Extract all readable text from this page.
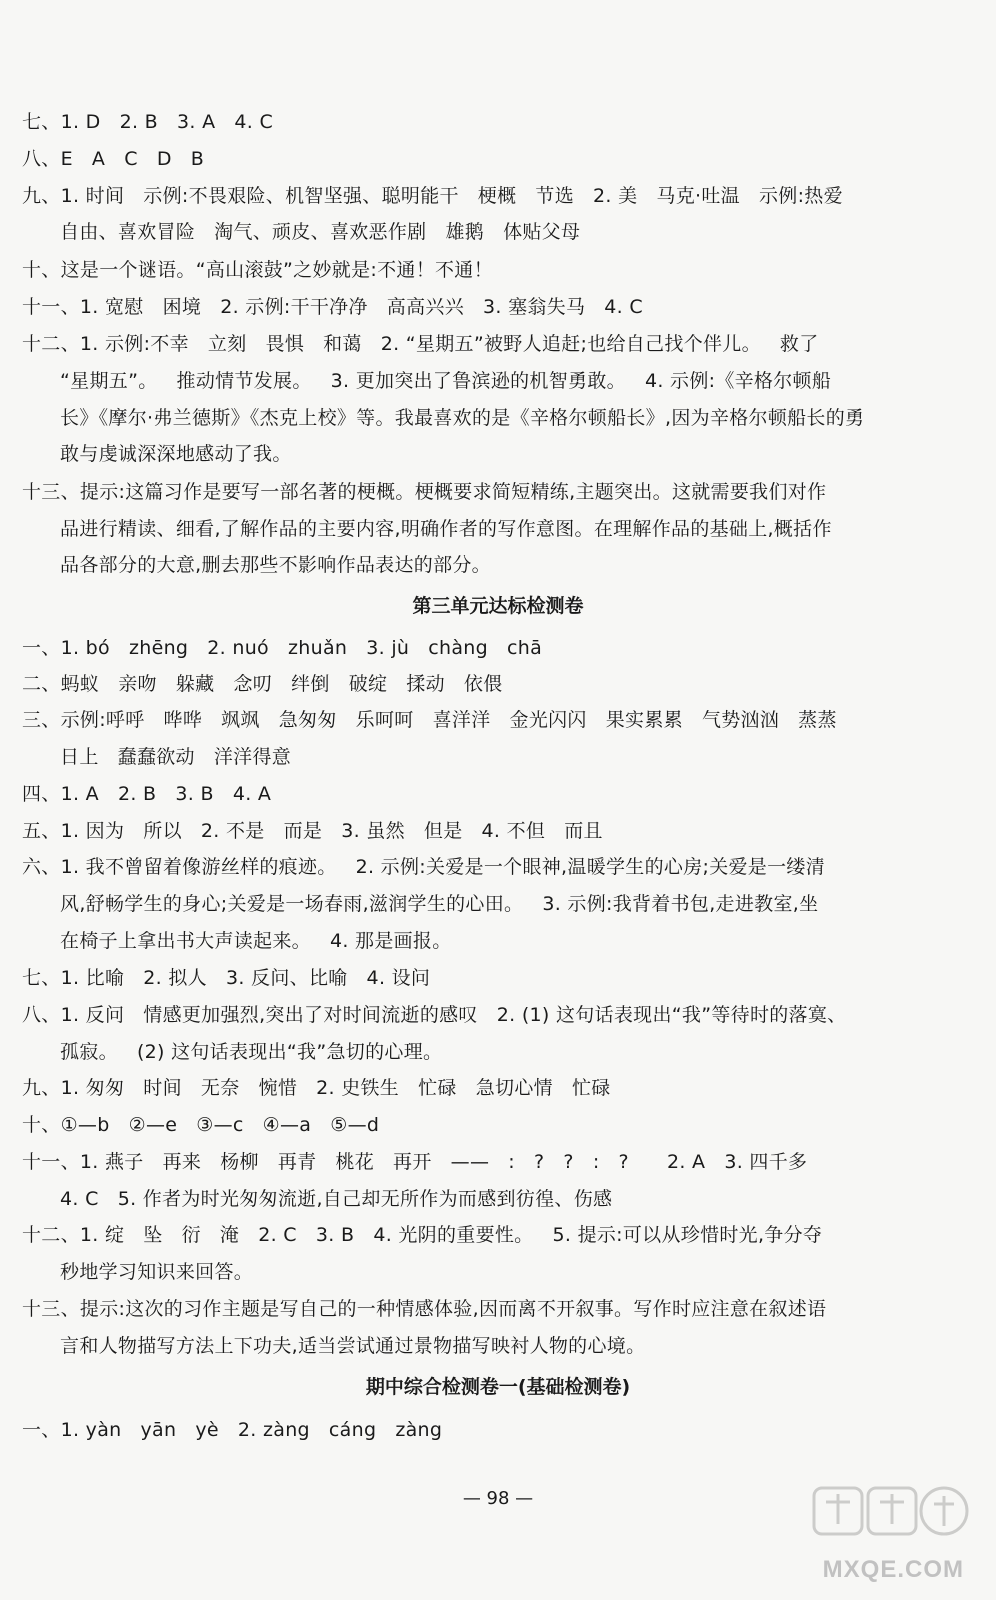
七、1. D   2. B   3. A   4. C
八、E   A   C   D   B
九、1. 时间   示例:不畏艰险、机智坚强、聪明能干   梗概   节选   2. 美   马克·吐温   示例:热爱
自由、喜欢冒险   淘气、顽皮、喜欢恶作剧   雄鹅   体贴父母
十、这是一个谜语。“高山滚鼓”之妙就是:不通！不通！
十一、1. 宽慰   困境   2. 示例:干干净净   高高兴兴   3. 塞翁失马   4. C
十二、1. 示例:不幸   立刻   畏惧   和蔼   2. “星期五”被野人追赶;也给自己找个伴儿。   救了
“星期五”。   推动情节发展。   3. 更加突出了鲁滨逊的机智勇敢。   4. 示例:《辛格尔顿船
长》《摩尔·弗兰德斯》《杰克上校》等。我最喜欢的是《辛格尔顿船长》,因为辛格尔顿船长的勇
敢与虔诚深深地感动了我。
十三、提示:这篇习作是要写一部名著的梗概。梗概要求简短精练,主题突出。这就需要我们对作
品进行精读、细看,了解作品的主要内容,明确作者的写作意图。在理解作品的基础上,概括作
品各部分的大意,删去那些不影响作品表达的部分。
第三单元达标检测卷
一、1. bó   zhēng   2. nuó   zhuǎn   3. jù   chàng   chā
二、蚂蚁   亲吻   躲藏   念叨   绊倒   破绽   揉动   依偎
三、示例:呼呼   哗哗   飒飒   急匆匆   乐呵呵   喜洋洋   金光闪闪   果实累累   气势汹汹   蒸蒸
日上   蠢蠢欲动   洋洋得意
四、1. A   2. B   3. B   4. A
五、1. 因为   所以   2. 不是   而是   3. 虽然   但是   4. 不但   而且
六、1. 我不曾留着像游丝样的痕迹。   2. 示例:关爱是一个眼神,温暖学生的心房;关爱是一缕清
风,舒畅学生的身心;关爱是一场春雨,滋润学生的心田。   3. 示例:我背着书包,走进教室,坐
在椅子上拿出书大声读起来。   4. 那是画报。
七、1. 比喻   2. 拟人   3. 反问、比喻   4. 设问
八、1. 反问   情感更加强烈,突出了对时间流逝的感叹   2. (1) 这句话表现出“我”等待时的落寞、
孤寂。   (2) 这句话表现出“我”急切的心理。
九、1. 匆匆   时间   无奈   惋惜   2. 史铁生   忙碌   急切心情   忙碌
十、①—b   ②—e   ③—c   ④—a   ⑤—d
十一、1. 燕子   再来   杨柳   再青   桃花   再开   ——   :   ?   ?   :   ?      2. A   3. 四千多
4. C   5. 作者为时光匆匆流逝,自己却无所作为而感到彷徨、伤感
十二、1. 绽   坠   衍   淹   2. C   3. B   4. 光阴的重要性。   5. 提示:可以从珍惜时光,争分夺
秒地学习知识来回答。
十三、提示:这次的习作主题是写自己的一种情感体验,因而离不开叙事。写作时应注意在叙述语
言和人物描写方法上下功夫,适当尝试通过景物描写映衬人物的心境。
期中综合检测卷一(基础检测卷)
一、1. yàn   yān   yè   2. zàng   cáng   zàng
— 98 —
MXQE.COM
